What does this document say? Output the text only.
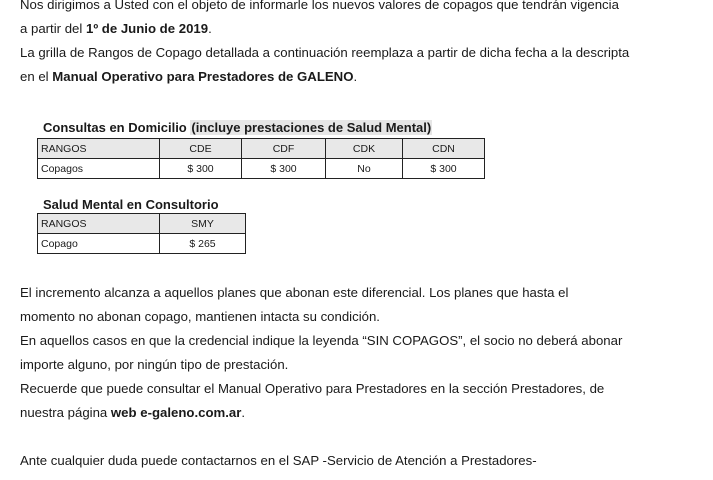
Nos dirigimos a Usted con el objeto de informarle los nuevos valores de copagos que tendrán vigencia
a partir del 1º de Junio de 2019.
La grilla de Rangos de Copago detallada a continuación reemplaza a partir de dicha fecha a la descripta
en el Manual Operativo para Prestadores de GALENO.
Consultas en Domicilio (incluye prestaciones de Salud Mental)
RANGOS	CDE	CDF	CDK	CDN
Copagos	$ 300	$ 300	No	$ 300
Salud Mental en Consultorio
RANGOS	SMY
Copago	$ 265
El incremento alcanza a aquellos planes que abonan este diferencial. Los planes que hasta el
momento no abonan copago, mantienen intacta su condición.
En aquellos casos en que la credencial indique la leyenda “SIN COPAGOS”, el socio no deberá abonar
importe alguno, por ningún tipo de prestación.
Recuerde que puede consultar el Manual Operativo para Prestadores en la sección Prestadores, de
nuestra página web e-galeno.com.ar.
Ante cualquier duda puede contactarnos en el SAP -Servicio de Atención a Prestadores-
